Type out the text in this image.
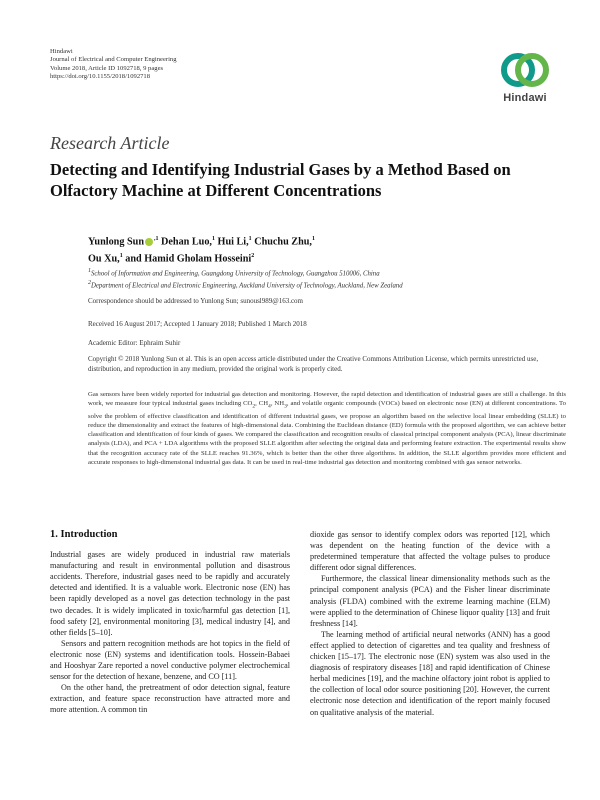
Hindawi
Journal of Electrical and Computer Engineering
Volume 2018, Article ID 1092718, 9 pages
https://doi.org/10.1155/2018/1092718
Hindawi
Research Article
Detecting and Identifying Industrial Gases by a Method Based on Olfactory Machine at Different Concentrations
Yunlong Sun $^{,1}$ Dehan Luo,$^1$ Hui Li,$^1$ Chuchu Zhu,$^1$
Ou Xu,$^1$ and Hamid Gholam Hosseini$^2$
$^1$School of Information and Engineering, Guangdong University of Technology, Guangzhou 510006, China
$^2$Department of Electrical and Electronic Engineering, Auckland University of Technology, Auckland, New Zealand
Correspondence should be addressed to Yunlong Sun; sunousl989@163.com
Received 16 August 2017; Accepted 1 January 2018; Published 1 March 2018
Academic Editor: Ephraim Suhir
Copyright © 2018 Yunlong Sun et al. This is an open access article distributed under the Creative Commons Attribution License, which permits unrestricted use, distribution, and reproduction in any medium, provided the original work is properly cited.
Gas sensors have been widely reported for industrial gas detection and monitoring. However, the rapid detection and identification of industrial gases are still a challenge. In this work, we measure four typical industrial gases including $CO_2$, $CH_4$, $NH_3$, and volatile organic compounds (VOCs) based on electronic nose (EN) at different concentrations. To solve the problem of effective classification and identification of different industrial gases, we propose an algorithm based on the selective local linear embedding (SLLE) to reduce the dimensionality and extract the features of high-dimensional data. Combining the Euclidean distance (ED) formula with the proposed algorithm, we can achieve better classification and identification of four kinds of gases. We compared the classification and recognition results of classical principal component analysis (PCA), linear discriminate analysis (LDA), and PCA + LDA algorithms with the proposed SLLE algorithm after selecting the original data and performing feature extraction. The experimental results show that the recognition accuracy rate of the SLLE reaches 91.36%, which is better than the other three algorithms. In addition, the SLLE algorithm provides more efficient and accurate responses to high-dimensional industrial gas data. It can be used in real-time industrial gas detection and monitoring combined with gas sensor networks.
1. Introduction

Industrial gases are widely produced in industrial raw materials manufacturing and result in environmental pollution and disastrous accidents. Therefore, industrial gases need to be rapidly and accurately detected and identified. It is a valuable work. Electronic nose (EN) has been rapidly developed as a novel gas detection technology in the past two decades. It is widely implicated in toxic/harmful gas detection [1], food safety [2], environmental monitoring [3], medical industry [4], and other fields [5–10].

Sensors and pattern recognition methods are hot topics in the field of electronic nose (EN) systems and identification tools. Hossein-Babaei and Hooshyar Zare reported a novel conductive polymer electrochemical sensor for the detection of hexane, benzene, and CO [11].

On the other hand, the pretreatment of odor detection signal, feature extraction, and feature space reconstruction have attracted more and more attention. A common tin

dioxide gas sensor to identify complex odors was reported [12], which was dependent on the heating function of the device with a predetermined temperature that affected the voltage pulses to produce different odor signal differences.

Furthermore, the classical linear dimensionality methods such as the principal component analysis (PCA) and the Fisher linear discriminate analysis (FLDA) combined with the extreme learning machine (ELM) were applied to the determination of Chinese liquor quality [13] and fruit freshness [14].

The learning method of artificial neural networks (ANN) has a good effect applied to detection of cigarettes and tea quality and freshness of chicken [15–17]. The electronic nose (EN) system was also used in the diagnosis of respiratory diseases [18] and rapid identification of Chinese herbal medicines [19], and the machine olfactory joint robot is applied to the collection of local odor source positioning [20]. However, the current electronic nose detection and identification of the report mainly focused on qualitative analysis of the material.
